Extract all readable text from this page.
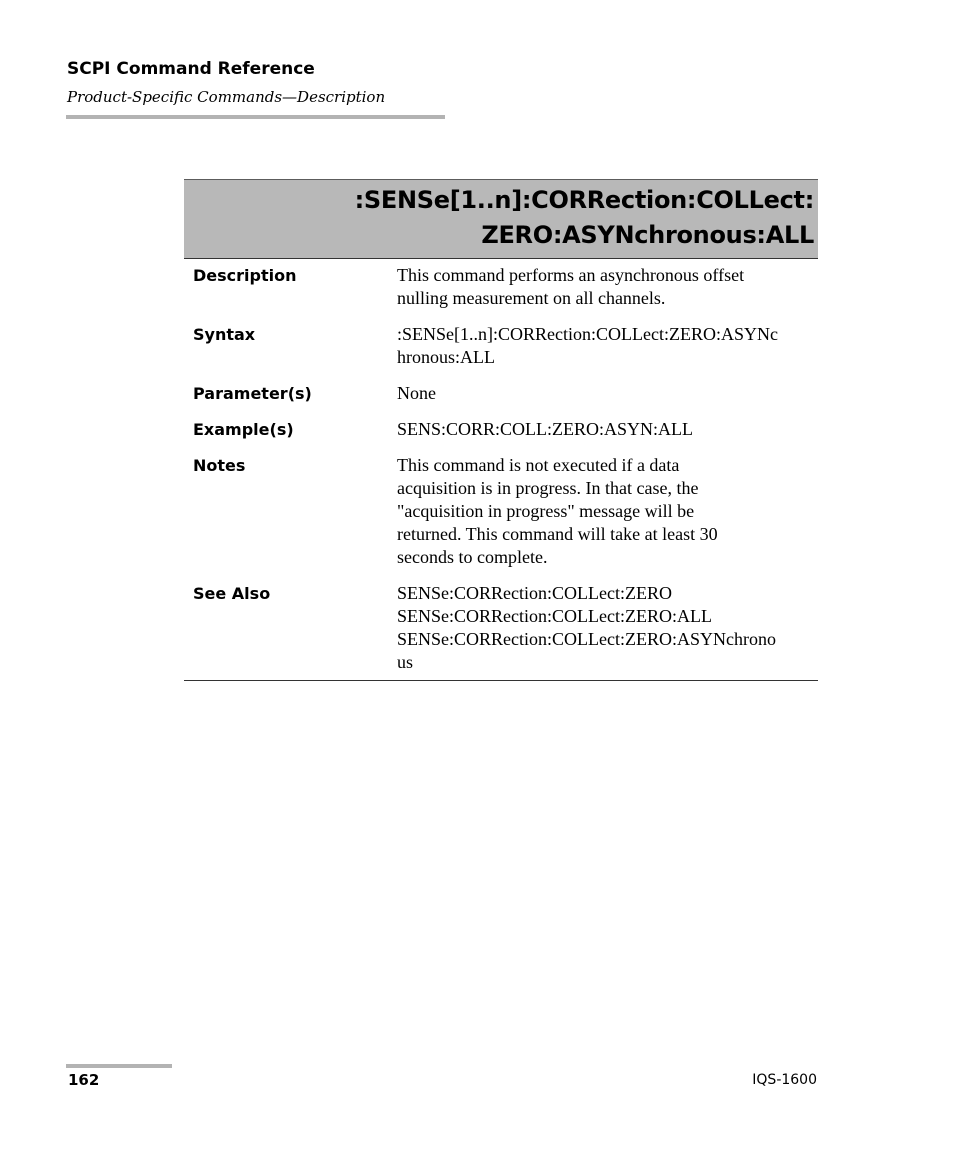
SCPI Command Reference
Product-Specific Commands—Description
:SENSe[1..n]:CORRection:COLLect:
ZERO:ASYNchronous:ALL
Description	This command performs an asynchronous offset
nulling measurement on all channels.
Syntax	:SENSe[1..n]:CORRection:COLLect:ZERO:ASYNc
hronous:ALL
Parameter(s)	None
Example(s)	SENS:CORR:COLL:ZERO:ASYN:ALL
Notes	This command is not executed if a data
acquisition is in progress. In that case, the
"acquisition in progress" message will be
returned. This command will take at least 30
seconds to complete.
See Also	SENSe:CORRection:COLLect:ZERO
SENSe:CORRection:COLLect:ZERO:ALL
SENSe:CORRection:COLLect:ZERO:ASYNchrono
us
162	IQS-1600
